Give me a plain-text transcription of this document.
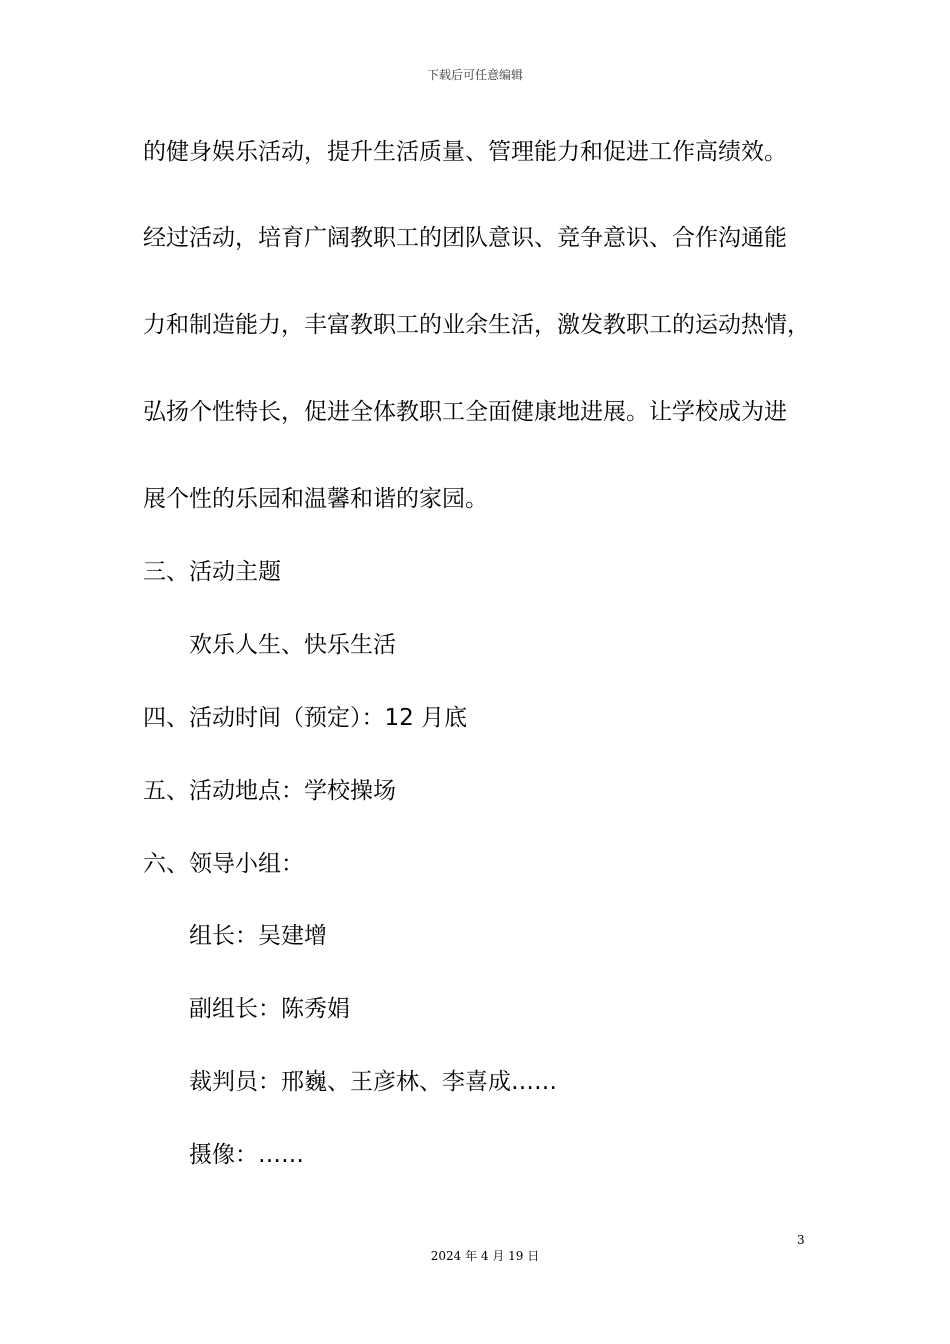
下载后可任意编辑
的健身娱乐活动，提升生活质量、管理能力和促进工作高绩效。
经过活动，培育广阔教职工的团队意识、竞争意识、合作沟通能
力和制造能力，丰富教职工的业余生活，激发教职工的运动热情，
弘扬个性特长，促进全体教职工全面健康地进展。让学校成为进
展个性的乐园和温馨和谐的家园。
三、活动主题
欢乐人生、快乐生活
四、活动时间（预定）：12 月底
五、活动地点：学校操场
六、领导小组：
组长：吴建增
副组长：陈秀娟
裁判员：邢巍、王彦林、李喜成……
摄像：……
3
2024 年 4 月 19 日
